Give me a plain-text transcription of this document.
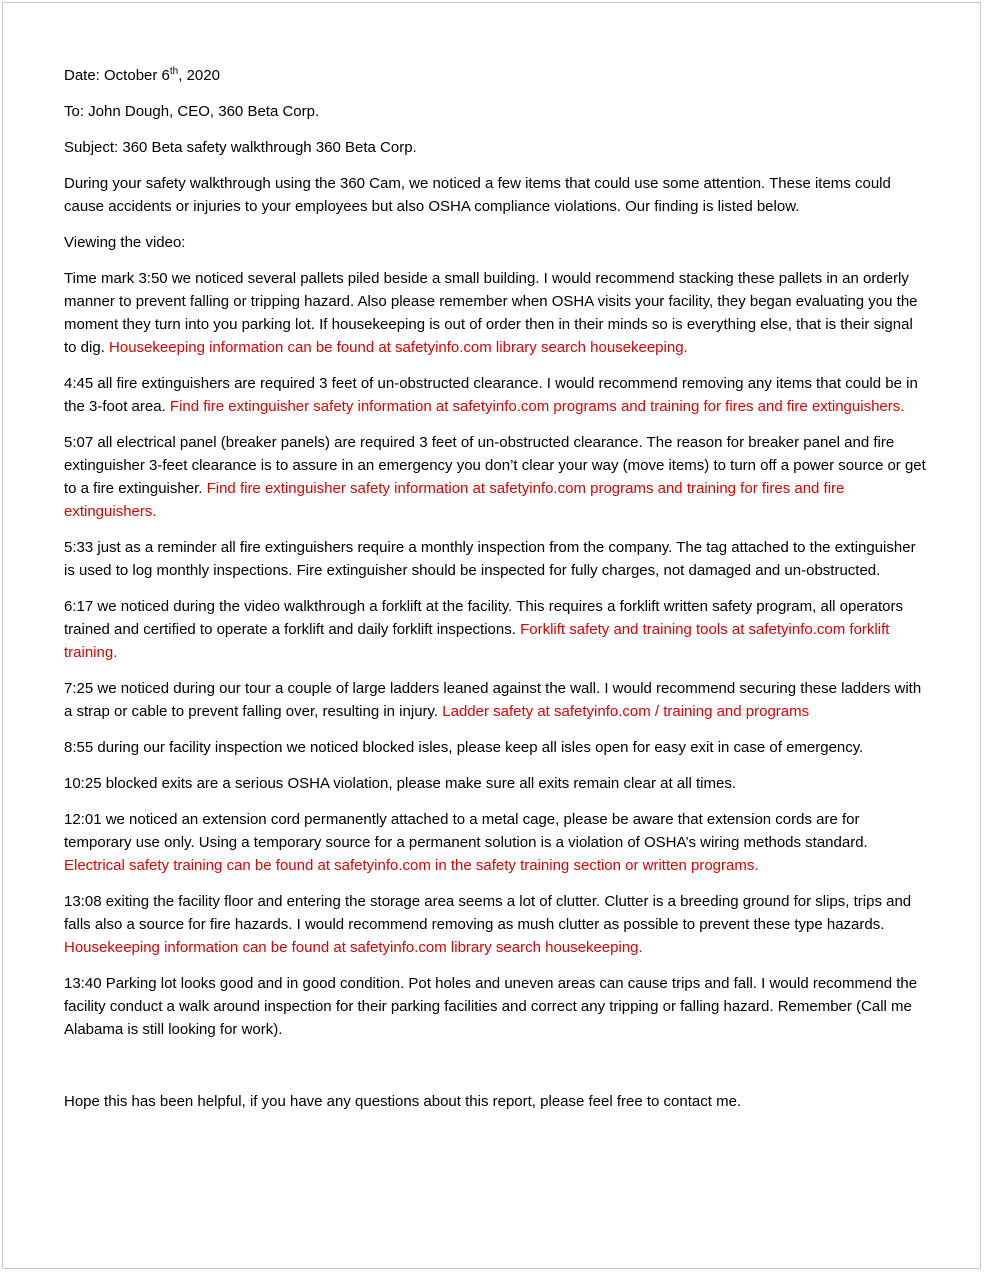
Date: October 6th, 2020

To: John Dough, CEO, 360 Beta Corp.

Subject: 360 Beta safety walkthrough 360 Beta Corp.

During your safety walkthrough using the 360 Cam, we noticed a few items that could use some attention. These items could cause accidents or injuries to your employees but also OSHA compliance violations. Our finding is listed below.

Viewing the video:

Time mark 3:50 we noticed several pallets piled beside a small building. I would recommend stacking these pallets in an orderly manner to prevent falling or tripping hazard. Also please remember when OSHA visits your facility, they began evaluating you the moment they turn into you parking lot. If housekeeping is out of order then in their minds so is everything else, that is their signal to dig. Housekeeping information can be found at safetyinfo.com library search housekeeping.

4:45 all fire extinguishers are required 3 feet of un-obstructed clearance. I would recommend removing any items that could be in the 3-foot area. Find fire extinguisher safety information at safetyinfo.com programs and training for fires and fire extinguishers.

5:07 all electrical panel (breaker panels) are required 3 feet of un-obstructed clearance. The reason for breaker panel and fire extinguisher 3-feet clearance is to assure in an emergency you don’t clear your way (move items) to turn off a power source or get to a fire extinguisher. Find fire extinguisher safety information at safetyinfo.com programs and training for fires and fire extinguishers.

5:33 just as a reminder all fire extinguishers require a monthly inspection from the company. The tag attached to the extinguisher is used to log monthly inspections. Fire extinguisher should be inspected for fully charges, not damaged and un-obstructed.

6:17 we noticed during the video walkthrough a forklift at the facility. This requires a forklift written safety program, all operators trained and certified to operate a forklift and daily forklift inspections. Forklift safety and training tools at safetyinfo.com forklift training.

7:25 we noticed during our tour a couple of large ladders leaned against the wall. I would recommend securing these ladders with a strap or cable to prevent falling over, resulting in injury. Ladder safety at safetyinfo.com / training and programs

8:55 during our facility inspection we noticed blocked isles, please keep all isles open for easy exit in case of emergency.

10:25 blocked exits are a serious OSHA violation, please make sure all exits remain clear at all times.

12:01 we noticed an extension cord permanently attached to a metal cage, please be aware that extension cords are for temporary use only. Using a temporary source for a permanent solution is a violation of OSHA’s wiring methods standard. Electrical safety training can be found at safetyinfo.com in the safety training section or written programs.

13:08 exiting the facility floor and entering the storage area seems a lot of clutter. Clutter is a breeding ground for slips, trips and falls also a source for fire hazards. I would recommend removing as mush clutter as possible to prevent these type hazards. Housekeeping information can be found at safetyinfo.com library search housekeeping.

13:40 Parking lot looks good and in good condition. Pot holes and uneven areas can cause trips and fall. I would recommend the facility conduct a walk around inspection for their parking facilities and correct any tripping or falling hazard. Remember (Call me Alabama is still looking for work).

Hope this has been helpful, if you have any questions about this report, please feel free to contact me.
